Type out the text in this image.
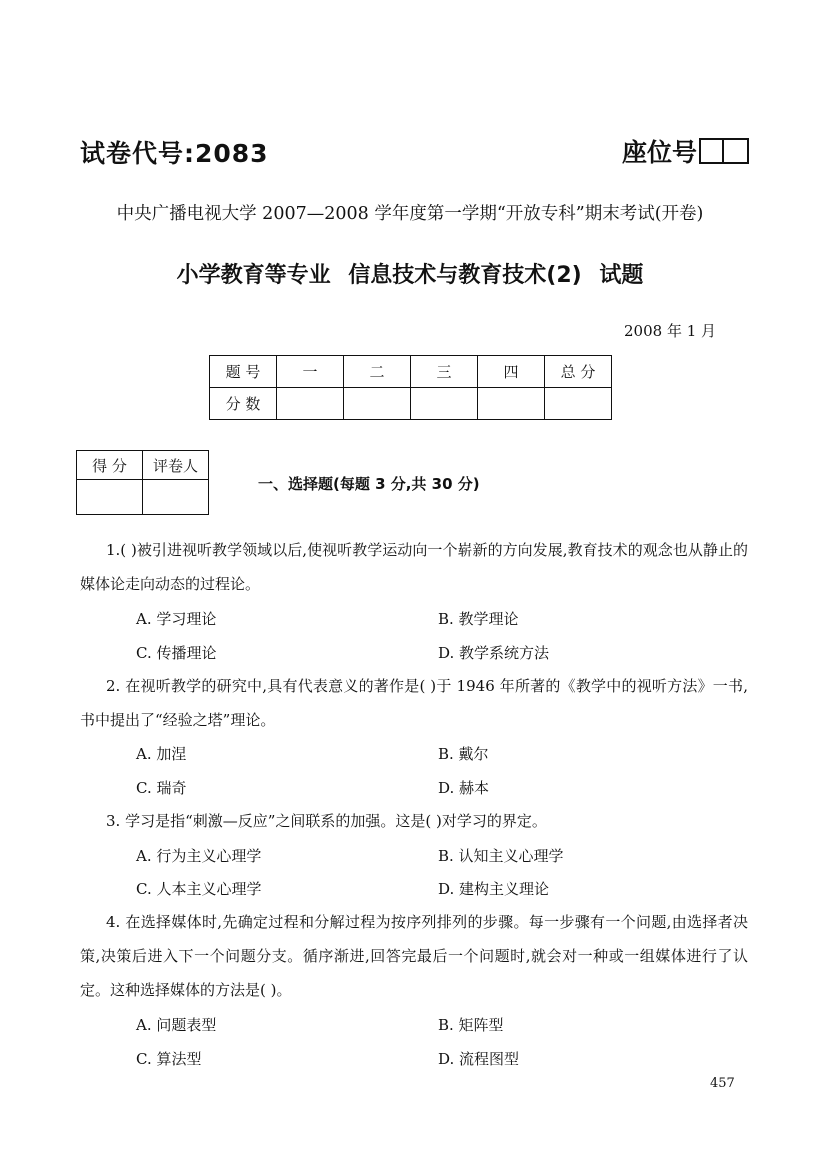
试卷代号:2083	座位号
中央广播电视大学 2007—2008 学年度第一学期“开放专科”期末考试(开卷)
小学教育等专业 信息技术与教育技术(2) 试题
2008 年 1 月
题 号	一	二	三	四	总 分
分 数					
得 分	评卷人

一、选择题(每题 3 分,共 30 分)
1.( )被引进视听教学领域以后,使视听教学运动向一个崭新的方向发展,教育技术的观念也从静止的媒体论走向动态的过程论。
A. 学习理论	B. 教学理论
C. 传播理论	D. 教学系统方法
2. 在视听教学的研究中,具有代表意义的著作是( )于 1946 年所著的《教学中的视听方法》一书,书中提出了“经验之塔”理论。
A. 加涅	B. 戴尔
C. 瑞奇	D. 赫本
3. 学习是指“刺激—反应”之间联系的加强。这是( )对学习的界定。
A. 行为主义心理学	B. 认知主义心理学
C. 人本主义心理学	D. 建构主义理论
4. 在选择媒体时,先确定过程和分解过程为按序列排列的步骤。每一步骤有一个问题,由选择者决策,决策后进入下一个问题分支。循序渐进,回答完最后一个问题时,就会对一种或一组媒体进行了认定。这种选择媒体的方法是( )。
A. 问题表型	B. 矩阵型
C. 算法型	D. 流程图型
457
